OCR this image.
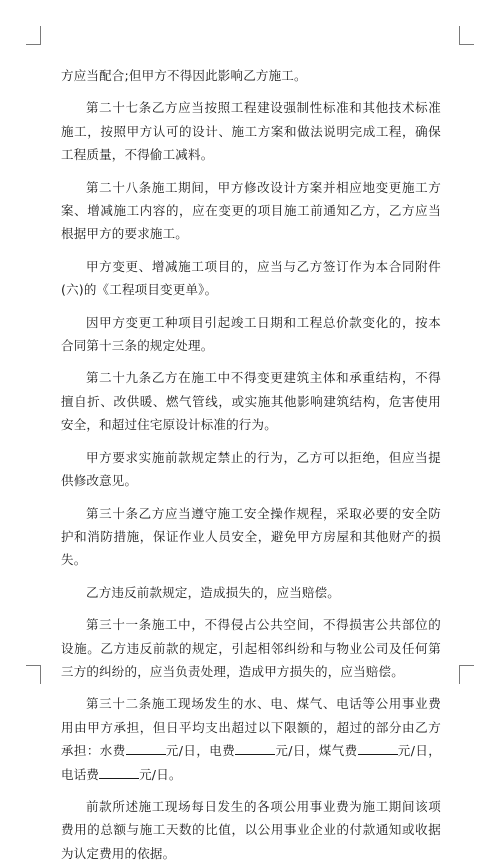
方应当配合;但甲方不得因此影响乙方施工。

第二十七条乙方应当按照工程建设强制性标准和其他技术标准施工，按照甲方认可的设计、施工方案和做法说明完成工程，确保工程质量，不得偷工减料。

第二十八条施工期间，甲方修改设计方案并相应地变更施工方案、增减施工内容的，应在变更的项目施工前通知乙方，乙方应当根据甲方的要求施工。

甲方变更、增减施工项目的，应当与乙方签订作为本合同附件(六)的《工程项目变更单》。

因甲方变更工种项目引起竣工日期和工程总价款变化的，按本合同第十三条的规定处理。

第二十九条乙方在施工中不得变更建筑主体和承重结构，不得擅自折、改供暖、燃气管线，或实施其他影响建筑结构，危害使用安全，和超过住宅原设计标准的行为。

甲方要求实施前款规定禁止的行为，乙方可以拒绝，但应当提供修改意见。

第三十条乙方应当遵守施工安全操作规程，采取必要的安全防护和消防措施，保证作业人员安全，避免甲方房屋和其他财产的损失。

乙方违反前款规定，造成损失的，应当赔偿。

第三十一条施工中，不得侵占公共空间，不得损害公共部位的设施。乙方违反前款的规定，引起相邻纠纷和与物业公司及任何第三方的纠纷的，应当负责处理，造成甲方损失的，应当赔偿。

第三十二条施工现场发生的水、电、煤气、电话等公用事业费用由甲方承担，但日平均支出超过以下限额的，超过的部分由乙方承担：水费	元/日，电费	元/日，煤气费	元/日，电话费	元/日。

前款所述施工现场每日发生的各项公用事业费为施工期间该项费用的总额与施工天数的比值，以公用事业企业的付款通知或收据为认定费用的依据。
